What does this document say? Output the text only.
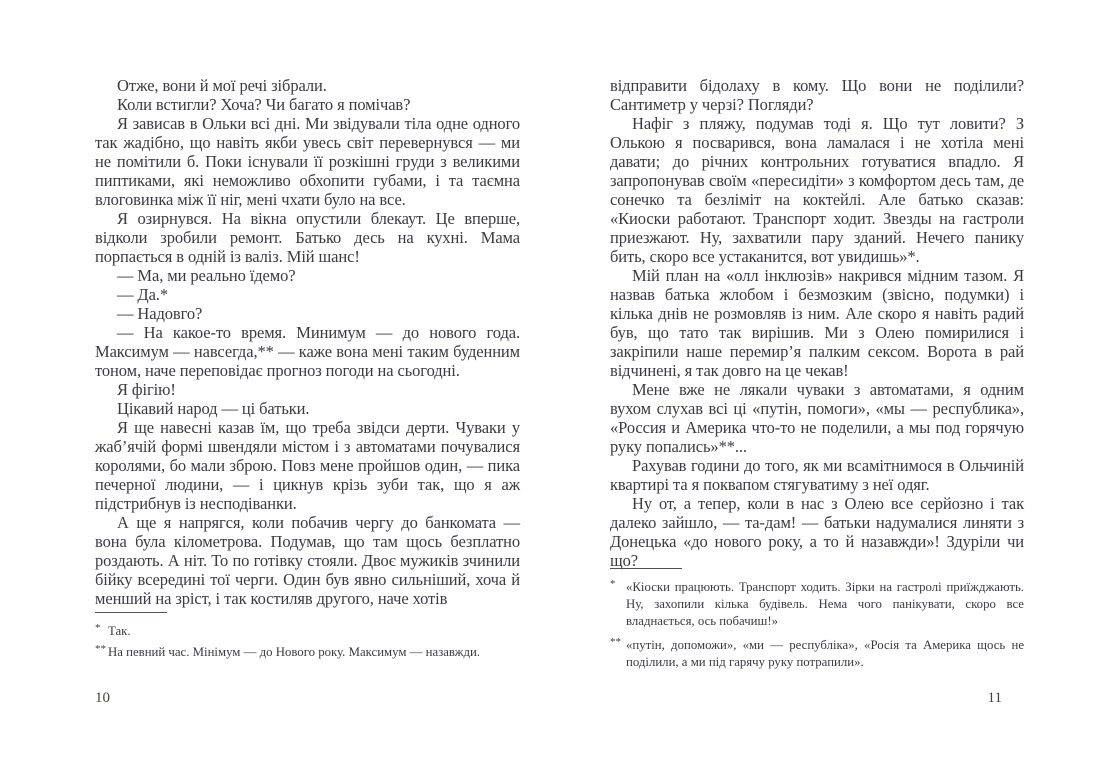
Отже, вони й мої речі зібрали.

Коли встигли? Хоча? Чи багато я помічав?

Я зависав в Ольки всі дні. Ми звідували тіла одне одного так жадібно, що навіть якби увесь світ перевернувся — ми не помітили б. Поки існували її розкішні груди з великими пиптиками, які неможливо обхопити губами, і та таємна влоговинка між її ніг, мені чхати було на все.

Я озирнувся. На вікна опустили блекаут. Це вперше, відколи зробили ремонт. Батько десь на кухні. Мама порпається в одній із валіз. Мій шанс!

— Ма, ми реально їдемо?

— Да.*

— Надовго?

— На какое-то время. Минимум — до нового года. Максимум — навсегда,** — каже вона мені таким буденним тоном, наче переповідає прогноз погоди на сьогодні.

Я фігію!

Цікавий народ — ці батьки.

Я ще навесні казав їм, що треба звідси дерти. Чуваки у жаб’ячій формі швендяли містом і з автоматами почувалися королями, бо мали зброю. Повз мене пройшов один, — пика печерної людини, — і цикнув крізь зуби так, що я аж підстрибнув із несподіванки.

А ще я напрягся, коли побачив чергу до банкомата — вона була кілометрова. Подумав, що там щось безплатно роздають. А ніт. То по готівку стояли. Двоє мужиків зчинили бійку всередині тої черги. Один був явно сильніший, хоча й менший на зріст, і так костиляв другого, наче хотів

* Так.
** На певний час. Мінімум — до Нового року. Максимум — назавжди.
10

відправити бідолаху в кому. Що вони не поділили? Сантиметр у черзі? Погляди?

Нафіг з пляжу, подумав тоді я. Що тут ловити? З Олькою я посварився, вона ламалася і не хотіла мені давати; до річних контрольних готуватися впадло. Я запропонував своїм «пересидіти» з комфортом десь там, де сонечко та безліміт на коктейлі. Але батько сказав: «Киоски работают. Транспорт ходит. Звезды на гастроли приезжают. Ну, захватили пару зданий. Нечего панику бить, скоро все устаканится, вот увидишь»*.

Мій план на «олл інклюзів» накрився мідним тазом. Я назвав батька жлобом і безмозким (звісно, подумки) і кілька днів не розмовляв із ним. Але скоро я навіть радий був, що тато так вирішив. Ми з Олею помирилися і закріпили наше перемир’я палким сексом. Ворота в рай відчинені, я так довго на це чекав!

Мене вже не лякали чуваки з автоматами, я одним вухом слухав всі ці «путін, помоги», «мы — республика», «Россия и Америка что-то не поделили, а мы под горячую руку попались»**...

Рахував години до того, як ми всамітнимося в Ольчиній квартирі та я поквапом стягуватиму з неї одяг.

Ну от, а тепер, коли в нас з Олею все серйозно і так далеко зайшло, — та-дам! — батьки надумалися линяти з Донецька «до нового року, а то й назавжди»! Здуріли чи що?

* «Кіоски працюють. Транспорт ходить. Зірки на гастролі приїжджають. Ну, захопили кілька будівель. Нема чого панікувати, скоро все владнається, ось побачиш!»
** «путін, допоможи», «ми — республіка», «Росія та Америка щось не поділили, а ми під гарячу руку потрапили».
11
